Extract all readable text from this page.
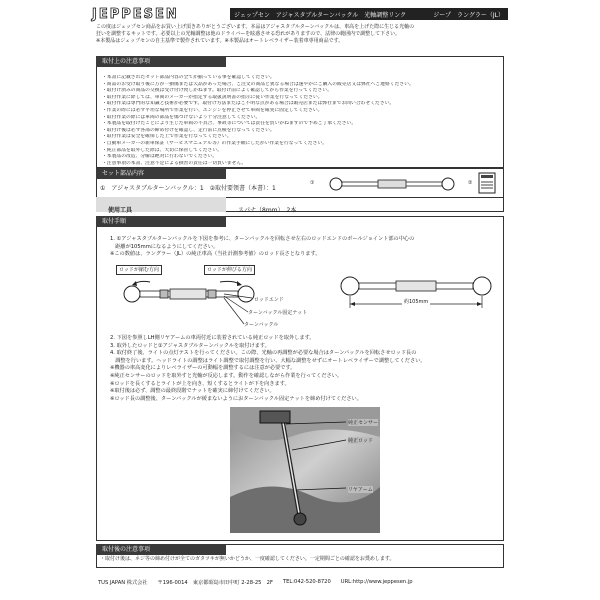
JEPPESEN	ジェップセン　アジャスタブルターンバックル　光軸調整リンク	ジープ　ラングラー（JL）
この度はジェップセン商品をお買い上げ頂きありがとうございます。本品はアジャスタブルターンバックルは、車高を上げた際に生じる光軸の
狂いを調整するキットです。必要以上の光軸調整は他のドライバーを眩惑させる恐れがありますので、法律の範囲内で調整して下さい。
※本製品はジェップセンの自主基準で製作されています。※本製品はオートレベライザー装着車専用商品です。
取付上の注意事項
・本書に記載されたセット部品内容の全てが揃っている事を確認してください。
・商品のお受け取り後に万が一損傷または欠品があった場合、ご注文の商品と異なる場合は速やかにご購入の販売店又は弊社へご連絡ください。
・取付け済みの商品の交換は受け付け致しかねます。取付け前によく確認してから作業を行ってください。
・取付作業に際しては、車両のメーカーが指定する取扱説明書の指示に従い作業を行なってください。
・取付作業は専門的な知識と技術が必要です。取付け方法またはご不明な点がある場合は販売店または弊社までお問い合わせください。
・作業の際には必ず平坦な場所で作業を行い、エンジンを停止させて車両を確実に固定してください。
・取付作業の際には車両の部品を傷つけないよう十分注意してください。
・本製品を取付けたことにより生じた車両の不具合、事故等については責任を負いかねますので予めご了承ください。
・取付け後は必ず各部の締め付けを確認し、走行前に点検を行なってください。
・取付作業は安全を確保した上で作業を行なってください。
・自動車メーカーの新車保証（サービスマニュアル等）の作業手順にしたがい作業を行なってください。
・純正部品を取外した際は、大切に保管してください。
・本製品の改造、分解は絶対に行わないでください。
・注意事項の本書、注意不足による損害の責任は一切負いません。
セット部品内容
①　アジャスタブルターンバックル：1　②取付要領書（本書）：1
使用工具	スパナ（8mm）　2本
①	②
取付手順
1. ①アジャスタブルターンバックルを下図を参考に、ターンバックルを回転させ左右のロッドエンドのボールジョイント部の中心の
　距離が105mmになるようにしてください。
※この数値は、ラングラー（JL）の純正車高（当社計測参考値）のロッド長さとなります。
ロッドが縮む方向	ロッドが伸びる方向
ロッドエンド
ターンバックル固定ナット
ターンバックル
約105mm
2. 下図を参照しLH側リヤアームの車両付近に装着されている純正ロッドを取外します。
3. 取外したロッドと①アジャスタブルターンバックルを取付けます。
4. 取付終了後、ライトの点灯テストを行ってください。この際、光軸の再調整が必要な場合はターンバックルを回転させロッド長の
　調整を行います。ヘッドライトの調整はライト調整で取付調整を行い、大幅な調整をせずにオートレベライザーで調整してください。
※機器の車高変化によりレベライザーの可動幅を調整するには注意が必要です。
※純正センサーのロッドを取外すと光軸が反応します。動作を確認しながら作業を行ってください。
※ロッドを長くするとライトが上を向き、短くするとライトが下を向きます。
※取付後は必ず、調整の最終段階でナットを確実に締付けてください。
※ロッド長の調整後、ターンバックルが緩まないようにおターンバックル固定ナットを締め付けてください。
純正センサー
純正ロッド
リヤアーム
取付後の注意事項
・取付け後は、ネジ等の締め付けが全てのガタツキが無いかどうか、一度確認してください。一定期間ごとの確認をお奨めします。
TUS JAPAN 株式会社 〒196-0014　東京都昭島市田中町 2-28-25　2F TEL:042-520-8720 URL:http://www.jeppesen.jp
